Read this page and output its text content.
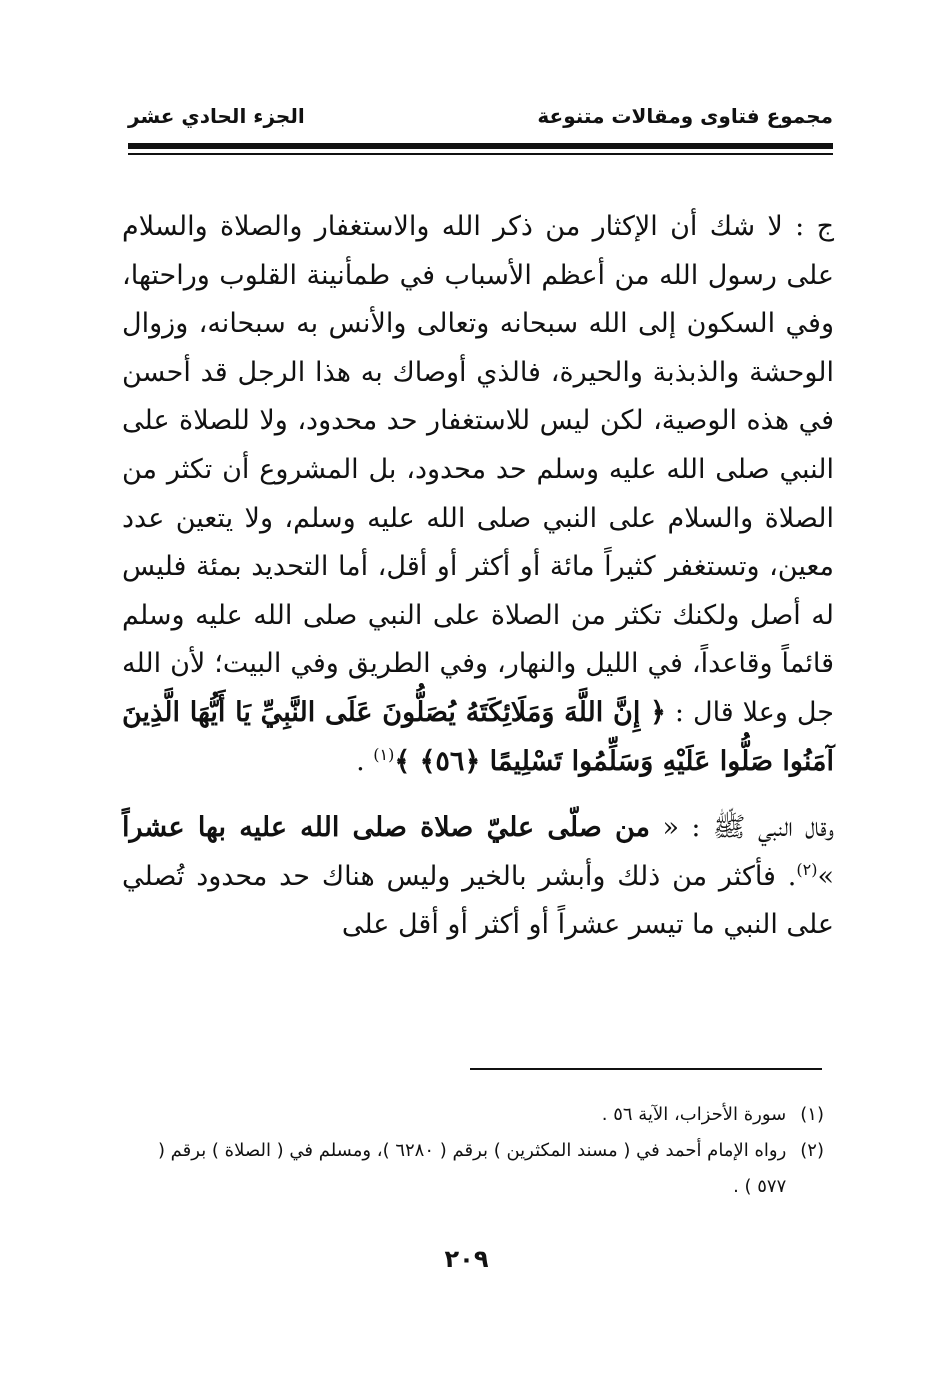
مجموع فتاوى ومقالات متنوعة
الجزء الحادي عشر

ج : لا شك أن الإكثار من ذكر الله والاستغفار والصلاة والسلام على رسول الله من أعظم الأسباب في طمأنينة القلوب وراحتها، وفي السكون إلى الله سبحانه وتعالى والأنس به سبحانه، وزوال الوحشة والذبذبة والحيرة، فالذي أوصاك به هذا الرجل قد أحسن في هذه الوصية، لكن ليس للاستغفار حد محدود، ولا للصلاة على النبي صلى الله عليه وسلم حد محدود، بل المشروع أن تكثر من الصلاة والسلام على النبي صلى الله عليه وسلم، ولا يتعين عدد معين، وتستغفر كثيراً مائة أو أكثر أو أقل، أما التحديد بمئة فليس له أصل ولكنك تكثر من الصلاة على النبي صلى الله عليه وسلم قائماً وقاعداً، في الليل والنهار، وفي الطريق وفي البيت؛ لأن الله جل وعلا قال : ﴿ إِنَّ اللَّهَ وَمَلَائِكَتَهُ يُصَلُّونَ عَلَى النَّبِيِّ يَا أَيُّهَا الَّذِينَ آمَنُوا صَلُّوا عَلَيْهِ وَسَلِّمُوا تَسْلِيمًا ﴿٥٦﴾ ﴾$^{(١)}$ .

وقال النبي ﷺ : « من صلّى عليّ صلاة صلى الله عليه بها عشراً »$^{(٢)}$. فأكثر من ذلك وأبشر بالخير وليس هناك حد محدود تُصلي على النبي ما تيسر عشراً أو أكثر أو أقل على

(١)
سورة الأحزاب، الآية ٥٦ .
(٢)
رواه الإمام أحمد في ( مسند المكثرين ) برقم ( ٦٢٨٠ )، ومسلم في ( الصلاة ) برقم ( ٥٧٧ ) .
٢٠٩
